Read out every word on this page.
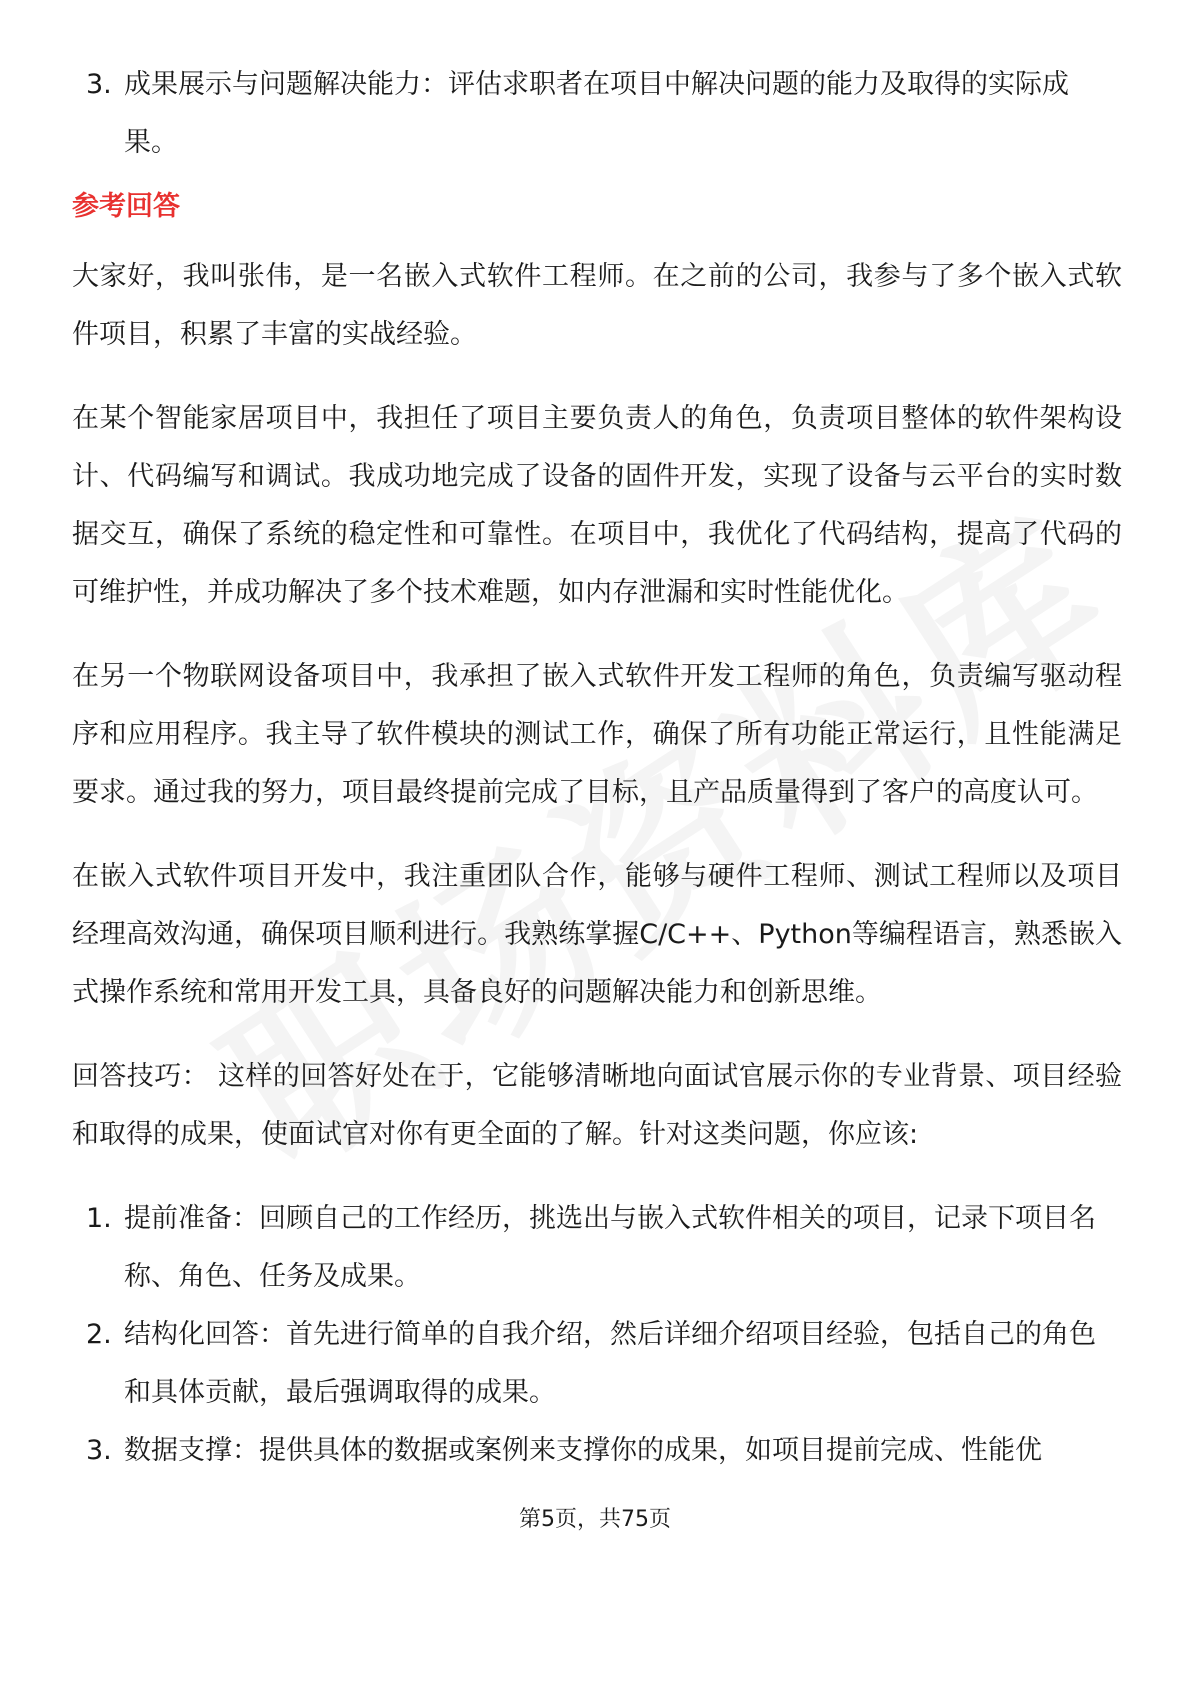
3. 成果展示与问题解决能力：评估求职者在项目中解决问题的能力及取得的实际成果。
参考回答

大家好，我叫张伟，是一名嵌入式软件工程师。在之前的公司，我参与了多个嵌入式软件项目，积累了丰富的实战经验。

在某个智能家居项目中，我担任了项目主要负责人的角色，负责项目整体的软件架构设计、代码编写和调试。我成功地完成了设备的固件开发，实现了设备与云平台的实时数据交互，确保了系统的稳定性和可靠性。在项目中，我优化了代码结构，提高了代码的可维护性，并成功解决了多个技术难题，如内存泄漏和实时性能优化。

在另一个物联网设备项目中，我承担了嵌入式软件开发工程师的角色，负责编写驱动程序和应用程序。我主导了软件模块的测试工作，确保了所有功能正常运行，且性能满足要求。通过我的努力，项目最终提前完成了目标，且产品质量得到了客户的高度认可。

在嵌入式软件项目开发中，我注重团队合作，能够与硬件工程师、测试工程师以及项目经理高效沟通，确保项目顺利进行。我熟练掌握C/C++、Python等编程语言，熟悉嵌入式操作系统和常用开发工具，具备良好的问题解决能力和创新思维。

回答技巧： 这样的回答好处在于，它能够清晰地向面试官展示你的专业背景、项目经验和取得的成果，使面试官对你有更全面的了解。针对这类问题，你应该:

1. 提前准备：回顾自己的工作经历，挑选出与嵌入式软件相关的项目，记录下项目名称、角色、任务及成果。
2. 结构化回答：首先进行简单的自我介绍，然后详细介绍项目经验，包括自己的角色和具体贡献，最后强调取得的成果。
3. 数据支撑：提供具体的数据或案例来支撑你的成果，如项目提前完成、性能优
第5页，共75页
